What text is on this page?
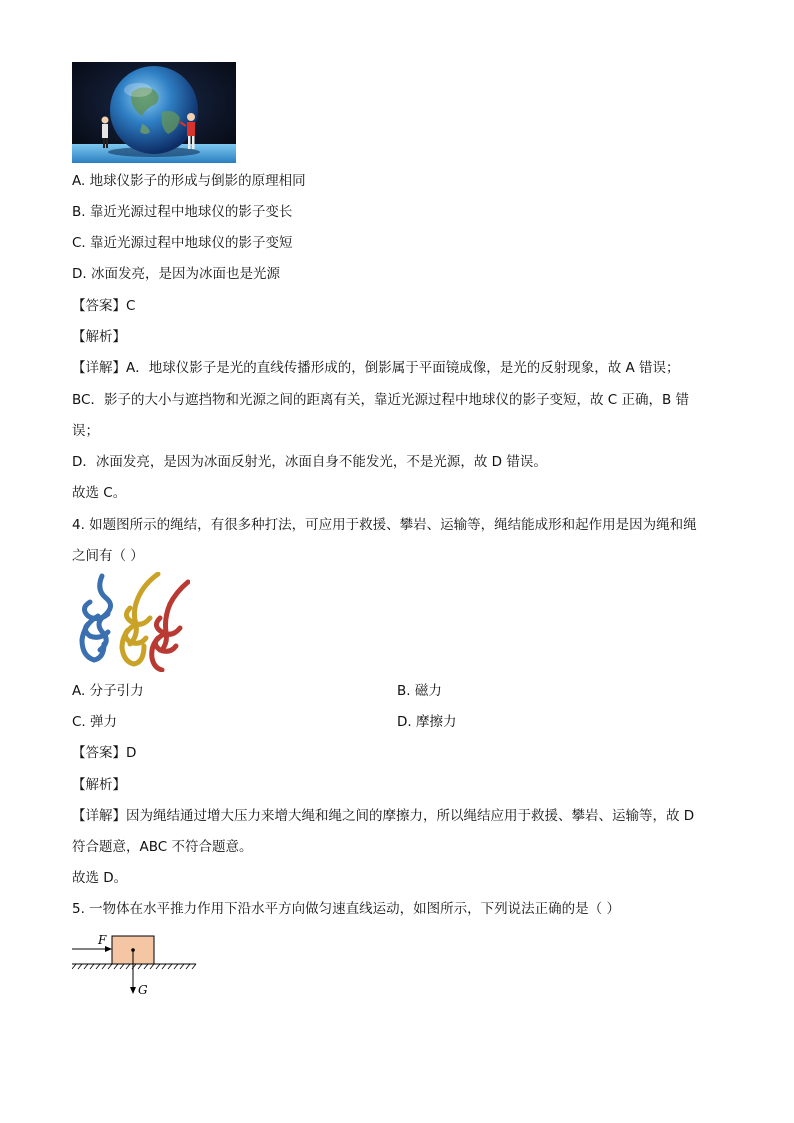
A. 地球仪影子的形成与倒影的原理相同
B. 靠近光源过程中地球仪的影子变长
C. 靠近光源过程中地球仪的影子变短
D. 冰面发亮，是因为冰面也是光源
【答案】C
【解析】
【详解】A．地球仪影子是光的直线传播形成的，倒影属于平面镜成像，是光的反射现象，故 A 错误；
BC．影子的大小与遮挡物和光源之间的距离有关，靠近光源过程中地球仪的影子变短，故 C 正确，B 错
误；
D．冰面发亮，是因为冰面反射光，冰面自身不能发光，不是光源，故 D 错误。
故选 C。
4. 如题图所示的绳结，有很多种打法，可应用于救援、攀岩、运输等，绳结能成形和起作用是因为绳和绳
之间有（ ）
A. 分子引力	B. 磁力
C. 弹力	D. 摩擦力
【答案】D
【解析】
【详解】因为绳结通过增大压力来增大绳和绳之间的摩擦力，所以绳结应用于救援、攀岩、运输等，故 D
符合题意，ABC 不符合题意。
故选 D。
5. 一物体在水平推力作用下沿水平方向做匀速直线运动，如图所示，下列说法正确的是（ ）
F
G
